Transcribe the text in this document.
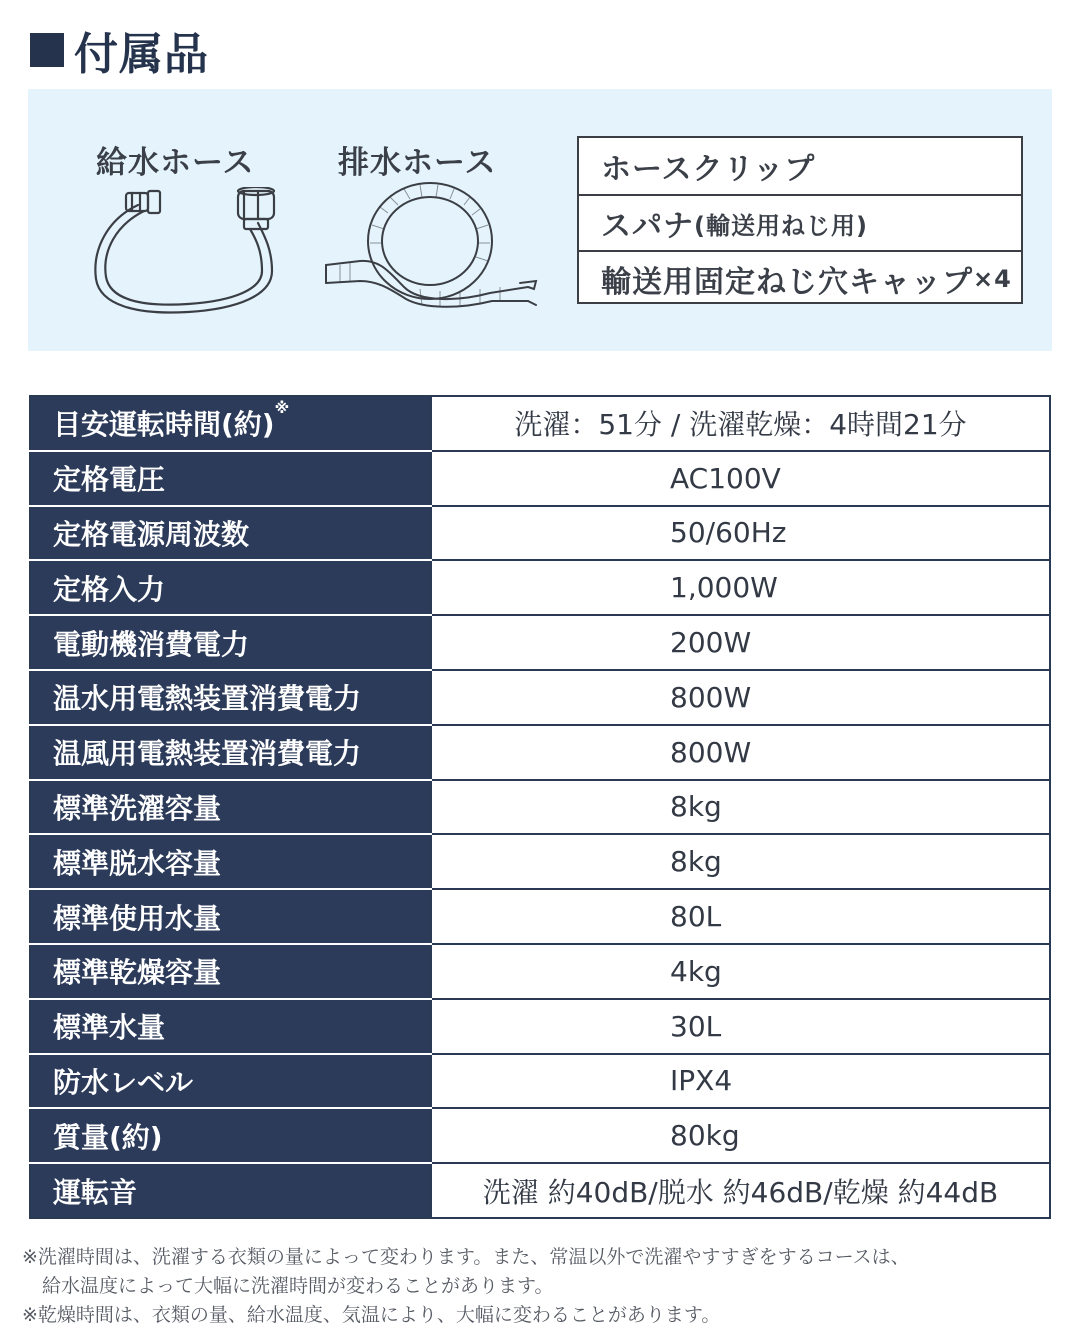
付属品
給水ホース	排水ホース	ホースクリップ
スパナ (輸送用ねじ用)
輸送用固定ねじ穴キャップ ×4
目安運転時間(約)※	洗濯：51分 / 洗濯乾燥：4時間21分
定格電圧	AC100V
定格電源周波数	50/60Hz
定格入力	1,000W
電動機消費電力	200W
温水用電熱装置消費電力	800W
温風用電熱装置消費電力	800W
標準洗濯容量	8kg
標準脱水容量	8kg
標準使用水量	80L
標準乾燥容量	4kg
標準水量	30L
防水レベル	IPX4
質量(約)	80kg
運転音	洗濯 約40dB/脱水 約46dB/乾燥 約44dB
※洗濯時間は、洗濯する衣類の量によって変わります。また、常温以外で洗濯やすすぎをするコースは、
給水温度によって大幅に洗濯時間が変わることがあります。
※乾燥時間は、衣類の量、給水温度、気温により、大幅に変わることがあります。
